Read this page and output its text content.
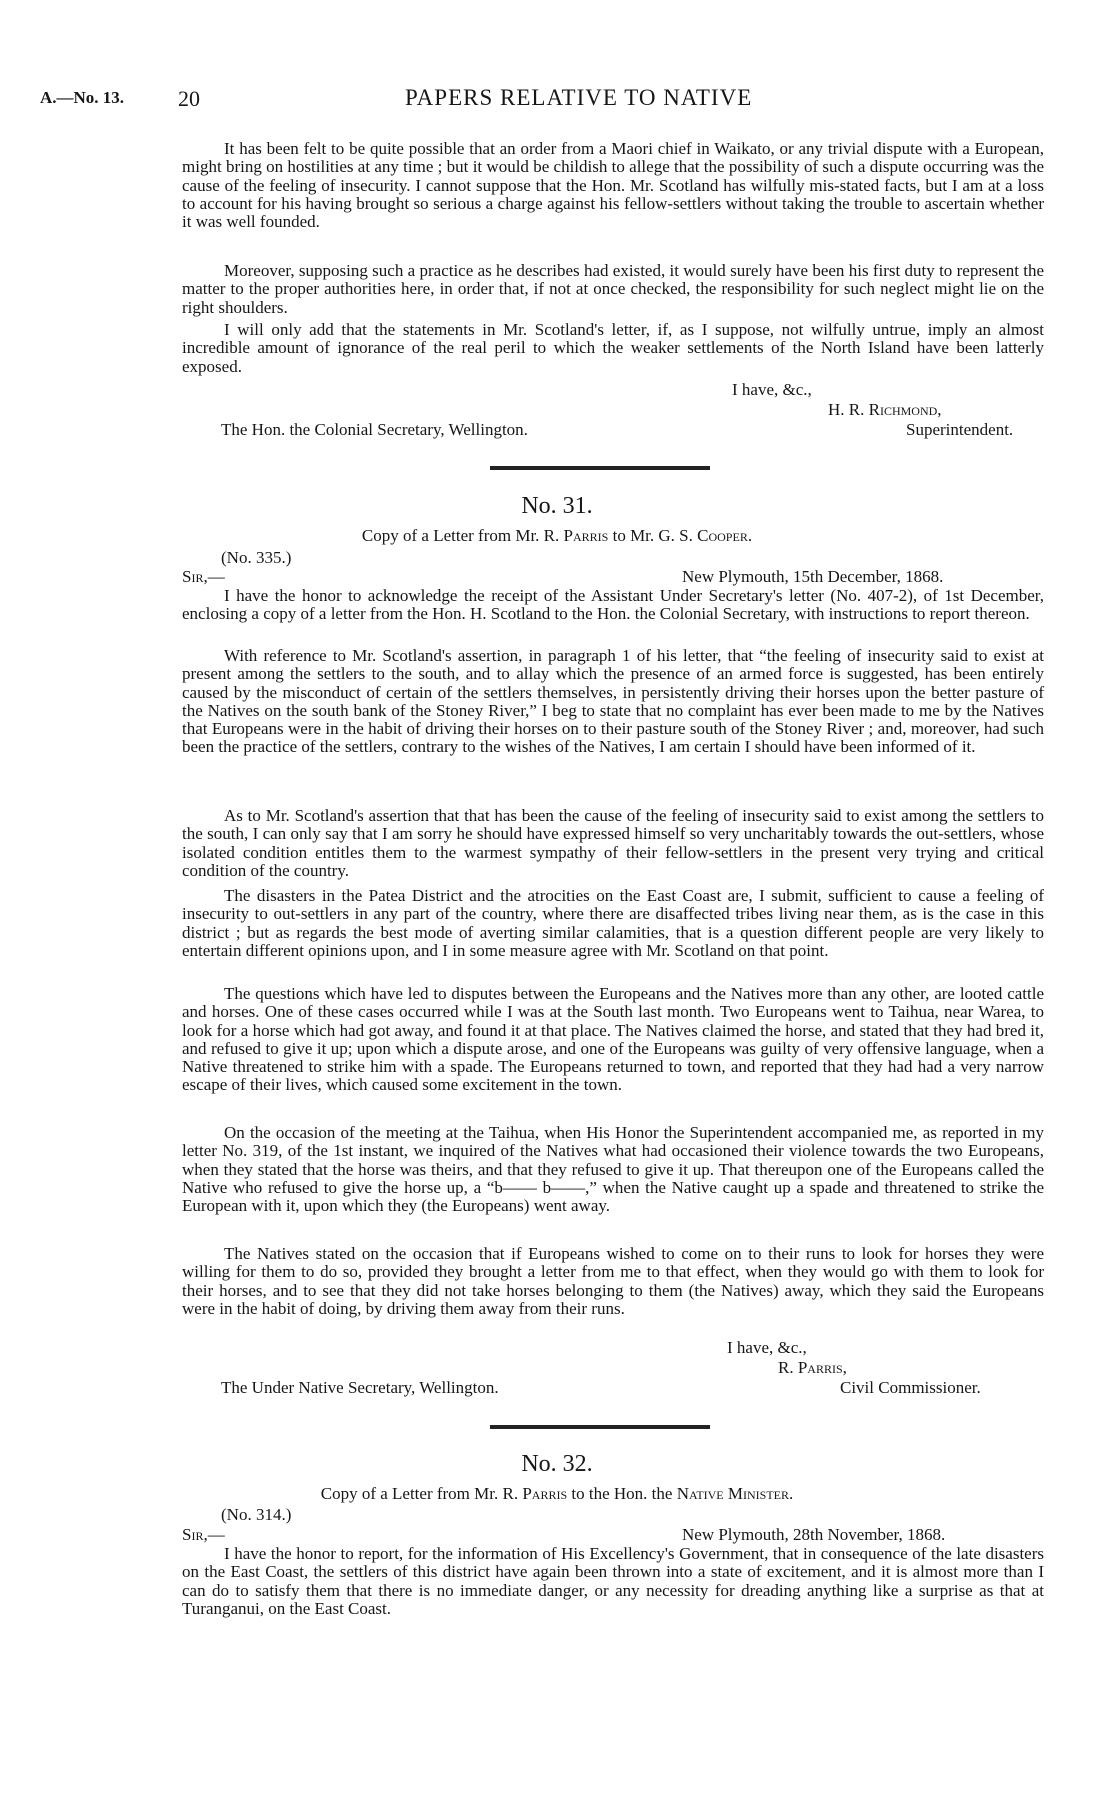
A.—No. 13. 20	PAPERS RELATIVE TO NATIVE

It has been felt to be quite possible that an order from a Maori chief in Waikato, or any trivial dispute with a European, might bring on hostilities at any time ; but it would be childish to allege that the possibility of such a dispute occurring was the cause of the feeling of insecurity. I cannot suppose that the Hon. Mr. Scotland has wilfully mis-stated facts, but I am at a loss to account for his having brought so serious a charge against his fellow-settlers without taking the trouble to ascertain whether it was well founded.

Moreover, supposing such a practice as he describes had existed, it would surely have been his first duty to represent the matter to the proper authorities here, in order that, if not at once checked, the responsibility for such neglect might lie on the right shoulders.

I will only add that the statements in Mr. Scotland's letter, if, as I suppose, not wilfully untrue, imply an almost incredible amount of ignorance of the real peril to which the weaker settlements of the North Island have been latterly exposed.

I have, &c.,
H. R. Richmond,
The Hon. the Colonial Secretary, Wellington.	Superintendent.
No. 31.
Copy of a Letter from Mr. R. Parris to Mr. G. S. Cooper.
(No. 335.)
Sir,—	New Plymouth, 15th December, 1868.

I have the honor to acknowledge the receipt of the Assistant Under Secretary's letter (No. 407-2), of 1st December, enclosing a copy of a letter from the Hon. H. Scotland to the Hon. the Colonial Secretary, with instructions to report thereon.

With reference to Mr. Scotland's assertion, in paragraph 1 of his letter, that “the feeling of insecurity said to exist at present among the settlers to the south, and to allay which the presence of an armed force is suggested, has been entirely caused by the misconduct of certain of the settlers themselves, in persistently driving their horses upon the better pasture of the Natives on the south bank of the Stoney River,” I beg to state that no complaint has ever been made to me by the Natives that Europeans were in the habit of driving their horses on to their pasture south of the Stoney River ; and, moreover, had such been the practice of the settlers, contrary to the wishes of the Natives, I am certain I should have been informed of it.

As to Mr. Scotland's assertion that that has been the cause of the feeling of insecurity said to exist among the settlers to the south, I can only say that I am sorry he should have expressed himself so very uncharitably towards the out-settlers, whose isolated condition entitles them to the warmest sympathy of their fellow-settlers in the present very trying and critical condition of the country.

The disasters in the Patea District and the atrocities on the East Coast are, I submit, sufficient to cause a feeling of insecurity to out-settlers in any part of the country, where there are disaffected tribes living near them, as is the case in this district ; but as regards the best mode of averting similar calamities, that is a question different people are very likely to entertain different opinions upon, and I in some measure agree with Mr. Scotland on that point.

The questions which have led to disputes between the Europeans and the Natives more than any other, are looted cattle and horses. One of these cases occurred while I was at the South last month. Two Europeans went to Taihua, near Warea, to look for a horse which had got away, and found it at that place. The Natives claimed the horse, and stated that they had bred it, and refused to give it up; upon which a dispute arose, and one of the Europeans was guilty of very offensive language, when a Native threatened to strike him with a spade. The Europeans returned to town, and reported that they had had a very narrow escape of their lives, which caused some excitement in the town.

On the occasion of the meeting at the Taihua, when His Honor the Superintendent accompanied me, as reported in my letter No. 319, of the 1st instant, we inquired of the Natives what had occasioned their violence towards the two Europeans, when they stated that the horse was theirs, and that they refused to give it up. That thereupon one of the Europeans called the Native who refused to give the horse up, a “b—— b——,” when the Native caught up a spade and threatened to strike the European with it, upon which they (the Europeans) went away.

The Natives stated on the occasion that if Europeans wished to come on to their runs to look for horses they were willing for them to do so, provided they brought a letter from me to that effect, when they would go with them to look for their horses, and to see that they did not take horses belonging to them (the Natives) away, which they said the Europeans were in the habit of doing, by driving them away from their runs.

I have, &c.,
R. Parris,
The Under Native Secretary, Wellington.	Civil Commissioner.
No. 32.
Copy of a Letter from Mr. R. Parris to the Hon. the Native Minister.
(No. 314.)
Sir,—	New Plymouth, 28th November, 1868.

I have the honor to report, for the information of His Excellency's Government, that in consequence of the late disasters on the East Coast, the settlers of this district have again been thrown into a state of excitement, and it is almost more than I can do to satisfy them that there is no immediate danger, or any necessity for dreading anything like a surprise as that at Turanganui, on the East Coast.
